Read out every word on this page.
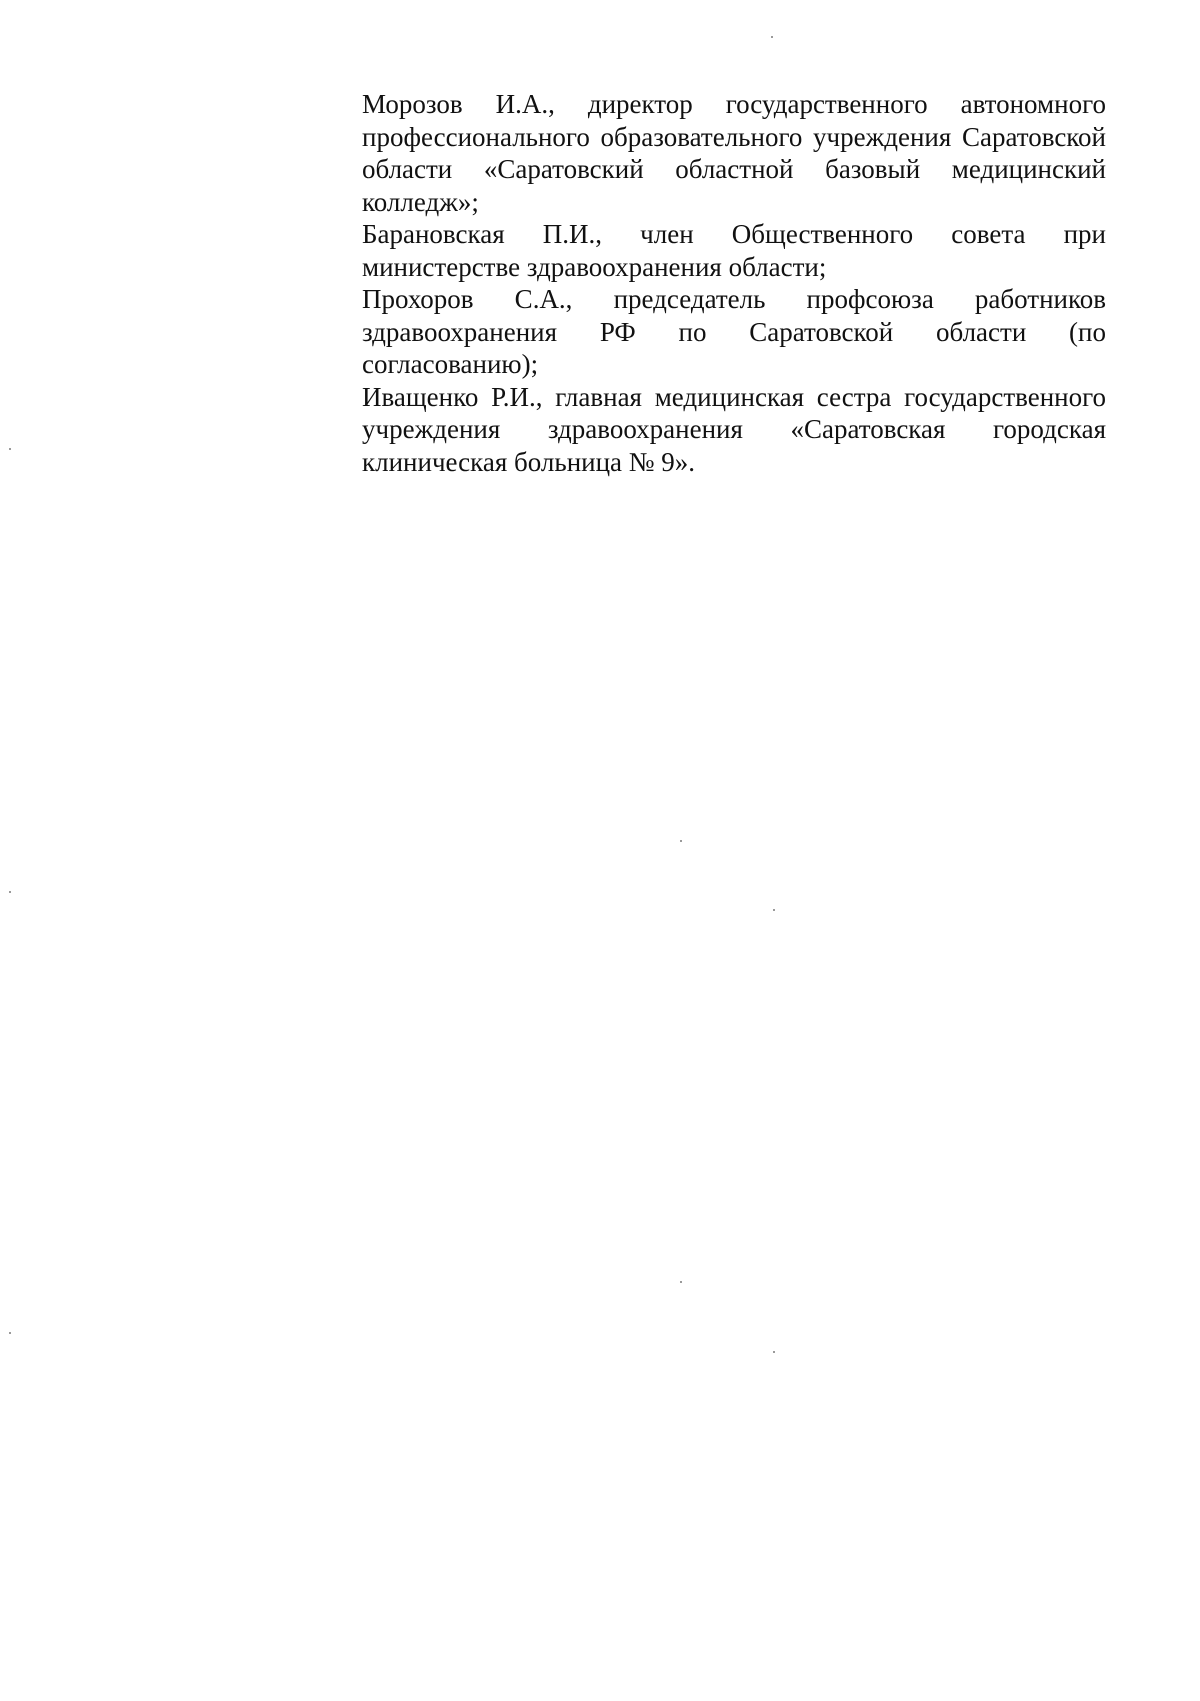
Морозов И.А., директор государственного автономного профессионального образовательного учреждения Саратовской области «Саратовский областной базовый медицинский колледж»;

Барановская П.И., член Общественного совета при министерстве здравоохранения области;

Прохоров С.А., председатель профсоюза работников здравоохранения РФ по Саратовской области (по согласованию);

Иващенко Р.И., главная медицинская сестра государственного учреждения здравоохранения «Саратовская городская клиническая больница № 9».
